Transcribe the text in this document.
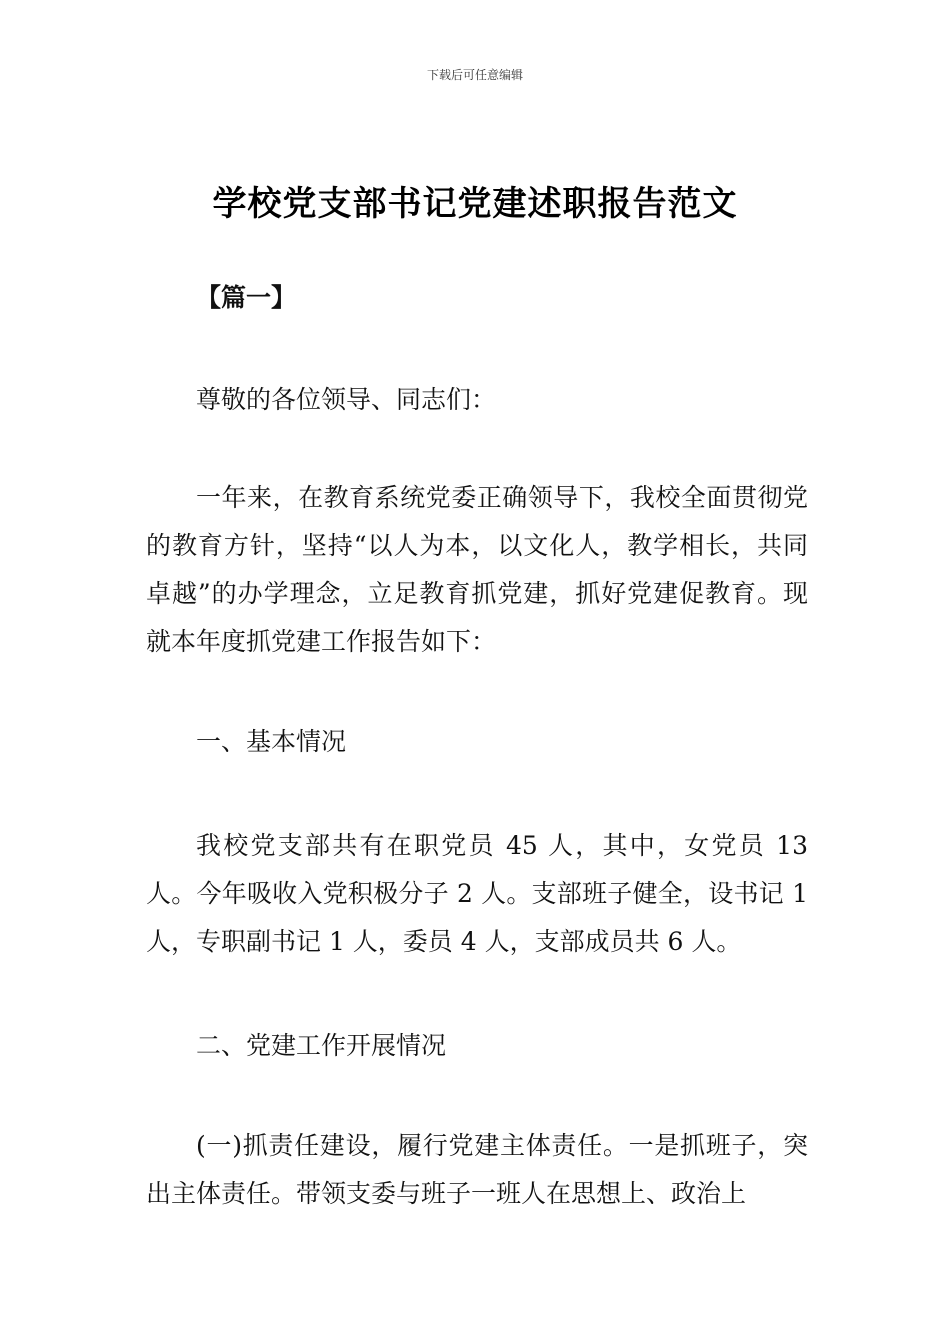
下载后可任意编辑
学校党支部书记党建述职报告范文

【篇一】

尊敬的各位领导、同志们：

一年来，在教育系统党委正确领导下，我校全面贯彻党的教育方针，坚持“以人为本，以文化人，教学相长，共同卓越”的办学理念，立足教育抓党建，抓好党建促教育。现就本年度抓党建工作报告如下：

一、基本情况

我校党支部共有在职党员 45 人，其中，女党员 13 人。今年吸收入党积极分子 2 人。支部班子健全，设书记 1 人，专职副书记 1 人，委员 4 人，支部成员共 6 人。

二、党建工作开展情况

(一)抓责任建设，履行党建主体责任。一是抓班子，突出主体责任。带领支委与班子一班人在思想上、政治上
